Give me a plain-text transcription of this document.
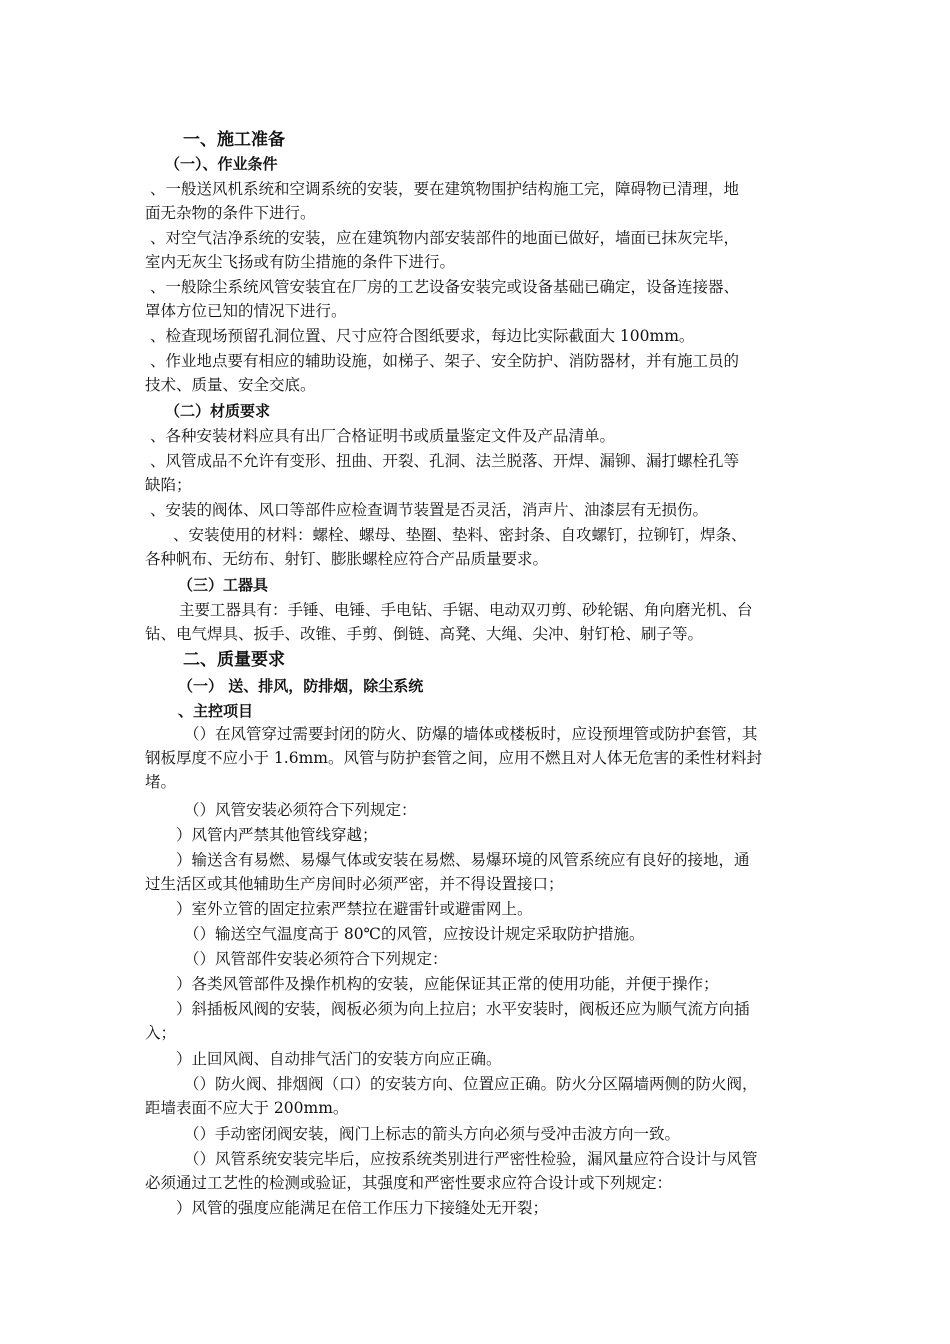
一、施工准备
（一）、作业条件
、一般送风机系统和空调系统的安装，要在建筑物围护结构施工完，障碍物已清理，地
面无杂物的条件下进行。
、对空气洁净系统的安装，应在建筑物内部安装部件的地面已做好，墙面已抹灰完毕，
室内无灰尘飞扬或有防尘措施的条件下进行。
、一般除尘系统风管安装宜在厂房的工艺设备安装完或设备基础已确定，设备连接器、
罩体方位已知的情况下进行。
、检查现场预留孔洞位置、尺寸应符合图纸要求，每边比实际截面大 100mm。
、作业地点要有相应的辅助设施，如梯子、架子、安全防护、消防器材，并有施工员的
技术、质量、安全交底。
（二）材质要求
、各种安装材料应具有出厂合格证明书或质量鉴定文件及产品清单。
、风管成品不允许有变形、扭曲、开裂、孔洞、法兰脱落、开焊、漏铆、漏打螺栓孔等
缺陷；
、安装的阀体、风口等部件应检查调节装置是否灵活，消声片、油漆层有无损伤。
、安装使用的材料：螺栓、螺母、垫圈、垫料、密封条、自攻螺钉，拉铆钉，焊条、
各种帆布、无纺布、射钉、膨胀螺栓应符合产品质量要求。
（三）工器具
主要工器具有：手锤、电锤、手电钻、手锯、电动双刃剪、砂轮锯、角向磨光机、台
钻、电气焊具、扳手、改锥、手剪、倒链、高凳、大绳、尖冲、射钉枪、刷子等。
二、质量要求
（一） 送、排风，防排烟，除尘系统
、主控项目
（）在风管穿过需要封闭的防火、防爆的墙体或楼板时，应设预埋管或防护套管，其
钢板厚度不应小于 1.6mm。风管与防护套管之间，应用不燃且对人体无危害的柔性材料封
堵。
（）风管安装必须符合下列规定：
）风管内严禁其他管线穿越；
）输送含有易燃、易爆气体或安装在易燃、易爆环境的风管系统应有良好的接地，通
过生活区或其他辅助生产房间时必须严密，并不得设置接口；
）室外立管的固定拉索严禁拉在避雷针或避雷网上。
（）输送空气温度高于 80℃的风管，应按设计规定采取防护措施。
（）风管部件安装必须符合下列规定：
）各类风管部件及操作机构的安装，应能保证其正常的使用功能，并便于操作；
）斜插板风阀的安装，阀板必须为向上拉启；水平安装时，阀板还应为顺气流方向插
入；
）止回风阀、自动排气活门的安装方向应正确。
（）防火阀、排烟阀（口）的安装方向、位置应正确。防火分区隔墙两侧的防火阀，
距墙表面不应大于 200mm。
（）手动密闭阀安装，阀门上标志的箭头方向必须与受冲击波方向一致。
（）风管系统安装完毕后，应按系统类别进行严密性检验，漏风量应符合设计与风管
必须通过工艺性的检测或验证，其强度和严密性要求应符合设计或下列规定：
）风管的强度应能满足在倍工作压力下接缝处无开裂；
